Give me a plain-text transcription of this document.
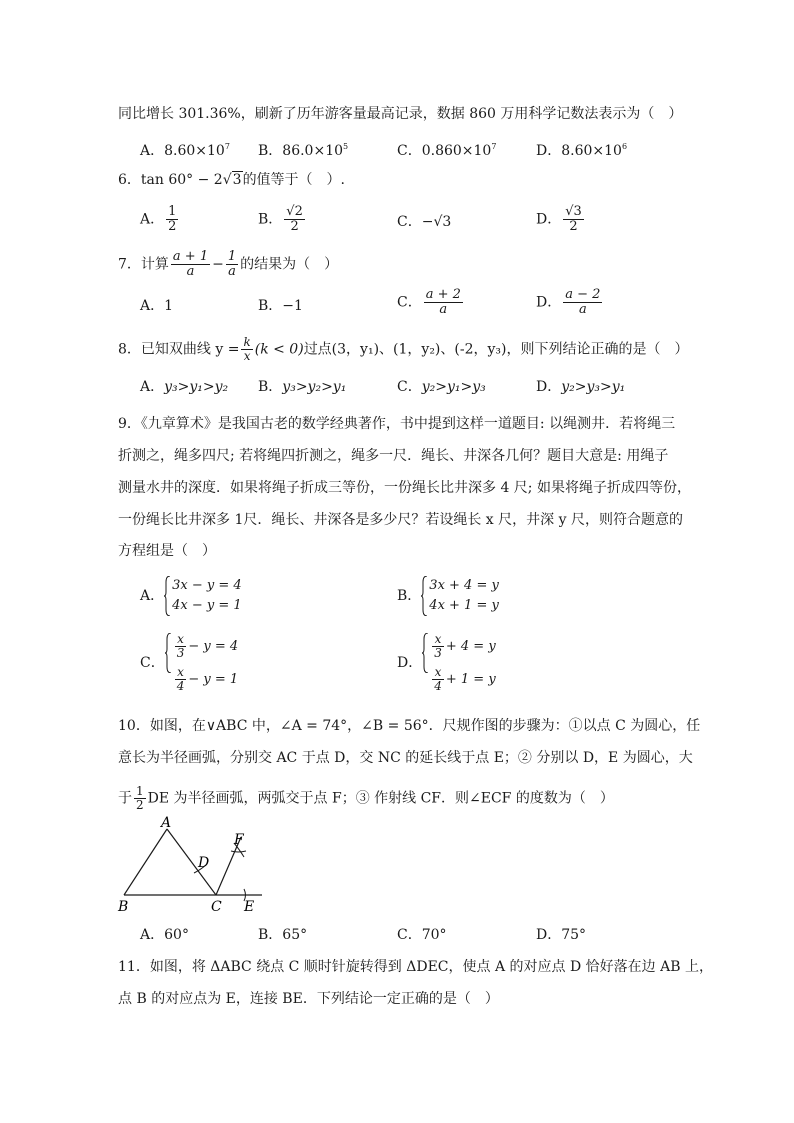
同比增长 301.36%，刷新了历年游客量最高记录，数据 860 万用科学记数法表示为（　）
A．$8.60\times 10^7$ B．$86.0\times 10^5$	C．$0.860\times 10^7$	D．$8.60\times 10^6$
6．tan 60° − 2√3的值等于（　）.
A． $\frac{1}{2}$	B． $\frac{√2}{2}$	C．−√3	D． $\frac{√3}{2}$
7．计算 $\frac{a + 1}{a} - \frac{1}{a}$ 的结果为（　）
A．1	B．−1	C． $\frac{a + 2}{a}$	D． $\frac{a - 2}{a}$
8．已知双曲线 $y = \frac{k}{x} (k < 0)$过点(3，y₁)、(1，y₂)、(-2，y₃)，则下列结论正确的是（　）
A．y₃>y₁>y₂ B．y₃>y₂>y₁	C．y₂>y₁>y₃	D．y₂>y₃>y₁
9．《九章算术》是我国古老的数学经典著作，书中提到这样一道题目: 以绳测井．若将绳三
折测之，绳多四尺; 若将绳四折测之，绳多一尺．绳长、井深各几何？题目大意是: 用绳子
测量水井的深度．如果将绳子折成三等份，一份绳长比井深多 4 尺; 如果将绳子折成四等份，
一份绳长比井深多 1尺．绳长、井深各是多少尺？若设绳长 x 尺，井深 y 尺，则符合题意的
方程组是（　）
A．
3x − y = 4
4x − y = 1
B．
3x + 4 = y
4x + 1 = y
C．
$\frac{x}{3} - y = 4$
$\frac{x}{4} - y = 1$
D．
$\frac{x}{3} + 4 = y$
$\frac{x}{4} + 1 = y$
10．如图，在∨ABC 中，∠A = 74°，∠B = 56°．尺规作图的步骤为：①以点 C 为圆心，任
意长为半径画弧，分别交 AC 于点 D，交 NC 的延长线于点 E；② 分别以 D，E 为圆心，大
于 $\frac{1}{2}$ DE 为半径画弧，两弧交于点 F；③ 作射线 CF．则∠ECF 的度数为（　）
A
B	C
D
E
F
A．60°	B．65°	C．70°	D．75°
11．如图，将 ΔABC 绕点 C 顺时针旋转得到 ΔDEC，使点 A 的对应点 D 恰好落在边 AB 上，
点 B 的对应点为 E，连接 BE．下列结论一定正确的是（　）
